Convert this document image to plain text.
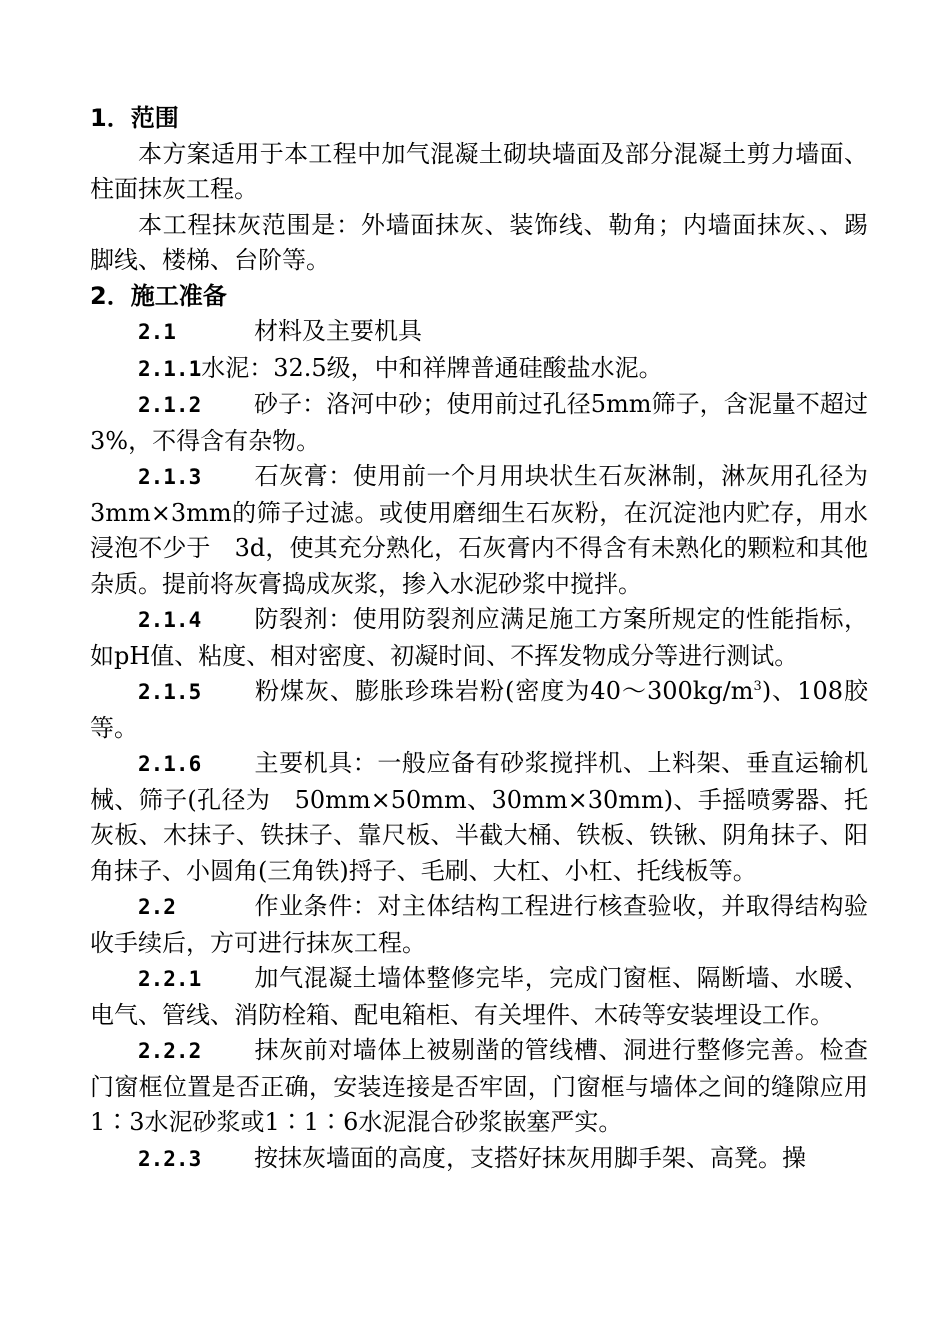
1．范围

本方案适用于本工程中加气混凝土砌块墙面及部分混凝土剪力墙面、柱面抹灰工程。

本工程抹灰范围是：外墙面抹灰、装饰线、勒角；内墙面抹灰、、踢脚线、楼梯、台阶等。

2．施工准备

2.1	材料及主要机具

2.1.1水泥：32.5级，中和祥牌普通硅酸盐水泥。

2.1.2 砂子：洛河中砂；使用前过孔径5mm筛子，含泥量不超过3%，不得含有杂物。

2.1.3 石灰膏：使用前一个月用块状生石灰淋制，淋灰用孔径为3mm×3mm的筛子过滤。或使用磨细生石灰粉，在沉淀池内贮存，用水浸泡不少于　3d，使其充分熟化，石灰膏内不得含有未熟化的颗粒和其他杂质。提前将灰膏捣成灰浆，掺入水泥砂浆中搅拌。

2.1.4 防裂剂：使用防裂剂应满足施工方案所规定的性能指标，如pH值、粘度、相对密度、初凝时间、不挥发物成分等进行测试。

2.1.5 粉煤灰、膨胀珍珠岩粉(密度为$40\sim 300kg/m^3$)、108胶等。

2.1.6 主要机具：一般应备有砂浆搅拌机、上料架、垂直运输机械、筛子(孔径为　50mm×50mm、30mm×30mm)、手摇喷雾器、托灰板、木抹子、铁抹子、靠尺板、半截大桶、铁板、铁锹、阴角抹子、阳角抹子、小圆角(三角铁)捋子、毛刷、大杠、小杠、托线板等。

2.2	作业条件：对主体结构工程进行核查验收，并取得结构验收手续后，方可进行抹灰工程。

2.2.1 加气混凝土墙体整修完毕，完成门窗框、隔断墙、水暖、电气、管线、消防栓箱、配电箱柜、有关埋件、木砖等安装埋设工作。

2.2.2 抹灰前对墙体上被剔凿的管线槽、洞进行整修完善。检查门窗框位置是否正确，安装连接是否牢固，门窗框与墙体之间的缝隙应用1∶3水泥砂浆或1∶1∶6水泥混合砂浆嵌塞严实。

2.2.3 按抹灰墙面的高度，支搭好抹灰用脚手架、高凳。操
